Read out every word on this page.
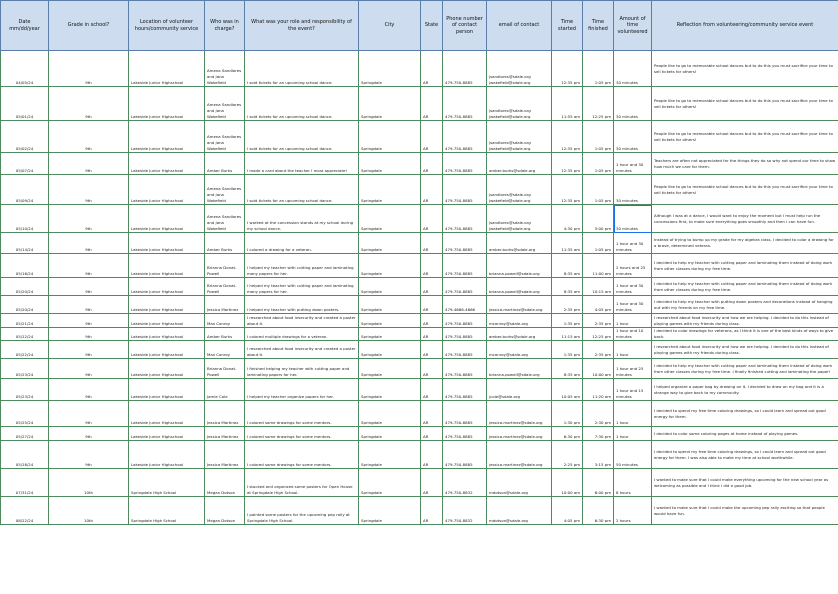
Date mm/dd/year	Grade in school?	Location of volunteer hours/community service	Who was in charge?	What was your role and responsibility of the event?	City	State	Phone number of contact person	email of contact	Time started	Time finished	Amount of time volunteered	Reflection from volunteering/community service event
04/05/24	9th	Lakeside Junior Highschool	Amena Sandlores and Jana Wakefield	I sold tickets for an upcoming school dance.	Springdale	AR	479-750-8885	jsandlores@sdale.org jwakefield@sdale.org	12:35 pm	1:05 pm	30 minutes	People like to go to memorable school dances but to do this you must sacrifice your time to sell tickets for others!
05/01/24	9th	Lakeside Junior Highschool	Amena Sandlores and Jana Wakefield	I sold tickets for an upcoming school dance.	Springdale	AR	479-750-8885	jsandlores@sdale.org jwakefield@sdale.org	11:55 am	12:25 pm	30 minutes	People like to go to memorable school dances but to do this you must sacrifice your time to sell tickets for others!
05/02/24	9th	Lakeside Junior Highschool	Amena Sandlores and Jana Wakefield	I sold tickets for an upcoming school dance.	Springdale	AR	479-750-8885	jsandlores@sdale.org jwakefield@sdale.org	12:35 pm	1:05 pm	30 minutes	People like to go to memorable school dances but to do this you must sacrifice your time to sell tickets for others!
05/07/24	9th	Lakeside Junior Highschool	Amber Burks	I made a card about the teacher I most appreciate!	Springdale	AR	479-750-8885	amber.burks@sdale.org	12:35 pm	1:05 pm	1 hour and 30 minutes	Teachers are often not appreciated for the things they do so why not spend our time to show how much we care for them.
05/09/24	9th	Lakeside Junior Highschool	Amena Sandlores and Jana Wakefield	I sold tickets for an upcoming school dance.	Springdale	AR	479-750-8885	jsandlores@sdale.org jwakefield@sdale.org	12:35 pm	1:05 pm	30 minutes	People like to go to memorable school dances but to do this you must sacrifice your time to sell tickets for others!
05/10/24	9th	Lakeside Junior Highschool	Amena Sandlores and Jana Wakefield	I worked at the concession stands at my school during my school dance.	Springdale	AR	479-750-8885	jsandlores@sdale.org jwakefield@sdale.org	4:30 pm	5:00 pm	30 minutes	Although I was at a dance, I would want to enjoy the moment but I must help run the concessions first, to make sure everything goes smoothly and then I can have fun.
05/14/24	9th	Lakeside Junior Highschool	Amber Burks	I colored a drawing for a veteran.	Springdale	AR	479-750-8885	amber.burks@sdale.org	11:35 am	1:05 pm	1 hour and 30 minutes	Instead of trying to bump up my grade for my algebra class, I decided to color a drawing for a brave, determined veteran.
05/16/24	9th	Lakeside Junior Highschool	Brianna Donat-Powell	I helped my teacher with cutting paper and laminating many papers for her.	Springdale	AR	479-750-8885	brianna.powell@sdale.org	8:35 am	11:00 am	2 hours and 25 minutes	I decided to help my teacher with cutting paper and laminating them instead of doing work from other classes during my free time.
05/20/24	9th	Lakeside Junior Highschool	Brianna Donat-Powell	I helped my teacher with cutting paper and laminating many papers for her.	Springdale	AR	479-750-8885	brianna.powell@sdale.org	8:35 am	10:15 am	1 hour and 30 minutes	I decided to help my teacher with cutting paper and laminating them instead of doing work from other classes during my free time.
05/20/24	9th	Lakeside Junior Highschool	Jessica Martinez	I helped my teacher with putting down posters.	Springdale	AR	479-4666-4666	jessica.martinez@sdale.org	2:35 pm	4:05 pm	1 hour and 30 minutes	I decided to help my teacher with putting down posters and decorations instead of hanging out with my friends on my free time.
05/21/24	9th	Lakeside Junior Highschool	Max Conroy	I researched about food insecurity and created a poster about it.	Springdale	AR	479-750-8885	mconroy@sdale.org	1:35 pm	2:35 pm	1 hour	I researched about food insecurity and how we are helping. I decided to do this instead of playing games with my friends during class.
05/22/24	9th	Lakeside Junior Highschool	Amber Burks	I colored multiple drawings for a veteran.	Springdale	AR	479-750-8885	amber.burks@sdale.org	11:15 am	12:25 pm	1 hour and 10 minutes	I decided to color drawings for veterans, as I think it is one of the best kinds of ways to give back.
05/22/24	9th	Lakeside Junior Highschool	Max Conroy	I researched about food insecurity and created a poster about it.	Springdale	AR	479-750-8885	mconroy@sdale.org	1:35 pm	2:35 pm	1 hour	I researched about food insecurity and how we are helping. I decided to do this instead of playing games with my friends during class.
05/23/24	9th	Lakeside Junior Highschool	Brianna Donat-Powell	I finished helping my teacher with cutting paper and laminating papers for her.	Springdale	AR	479-750-8885	brianna.powell@sdale.org	8:35 am	10:00 am	1 hour and 25 minutes	I decided to help my teacher with cutting paper and laminating them instead of doing work from other classes during my free time. I finally finished cutting and laminating the paper!
05/23/24	9th	Lakeside Junior Highschool	Jamie Cole	I helped my teacher organize papers for her.	Springdale	AR	479-750-8885	jcole@sdale.org	10:05 am	11:20 am	1 hour and 15 minutes	I helped organize a paper bag by drawing on it. I decided to draw on my bag and it is a strange way to give back to my community.
05/25/24	9th	Lakeside Junior Highschool	Jessica Martinez	I colored some drawings for some mentors.	Springdale	AR	479-750-8885	jessica.martinez@sdale.org	1:30 pm	2:30 pm	1 hour	I decided to spend my free time coloring drawings, so I could learn and spread out good energy for them.
05/27/24	9th	Lakeside Junior Highschool	Jessica Martinez	I colored some drawings for some mentors.	Springdale	AR	479-750-8885	jessica.martinez@sdale.org	6:30 pm	7:30 pm	1 hour	I decided to color some coloring pages at home instead of playing games.
05/28/24	9th	Lakeside Junior Highschool	Jessica Martinez	I colored some drawings for some mentors.	Springdale	AR	479-750-8885	jessica.martinez@sdale.org	2:25 pm	3:15 pm	50 minutes	I decided to spend my free time coloring drawings, so I could learn and spread out good energy for them. I was also able to make my time at school worthwhile.
07/31/24	10th	Springdale High School	Megan Dotson	I stocked and organized some posters for Open House at Springdale High School.	Springdale	AR	479-750-8832	mdotson@sdale.org	10:00 am	6:00 pm	8 hours	I wanted to make sure that I could make everything upcoming for the new school year as welcoming as possible and I think I did a good job.
08/22/24	10th	Springdale High School	Megan Dotson	I painted some posters for the upcoming pep rally at Springdale High School.	Springdale	AR	479-750-8832	mdotson@sdale.org	4:05 pm	6:30 pm	2 hours	I wanted to make sure that I could make the upcoming pep rally exciting so that people would have fun.
